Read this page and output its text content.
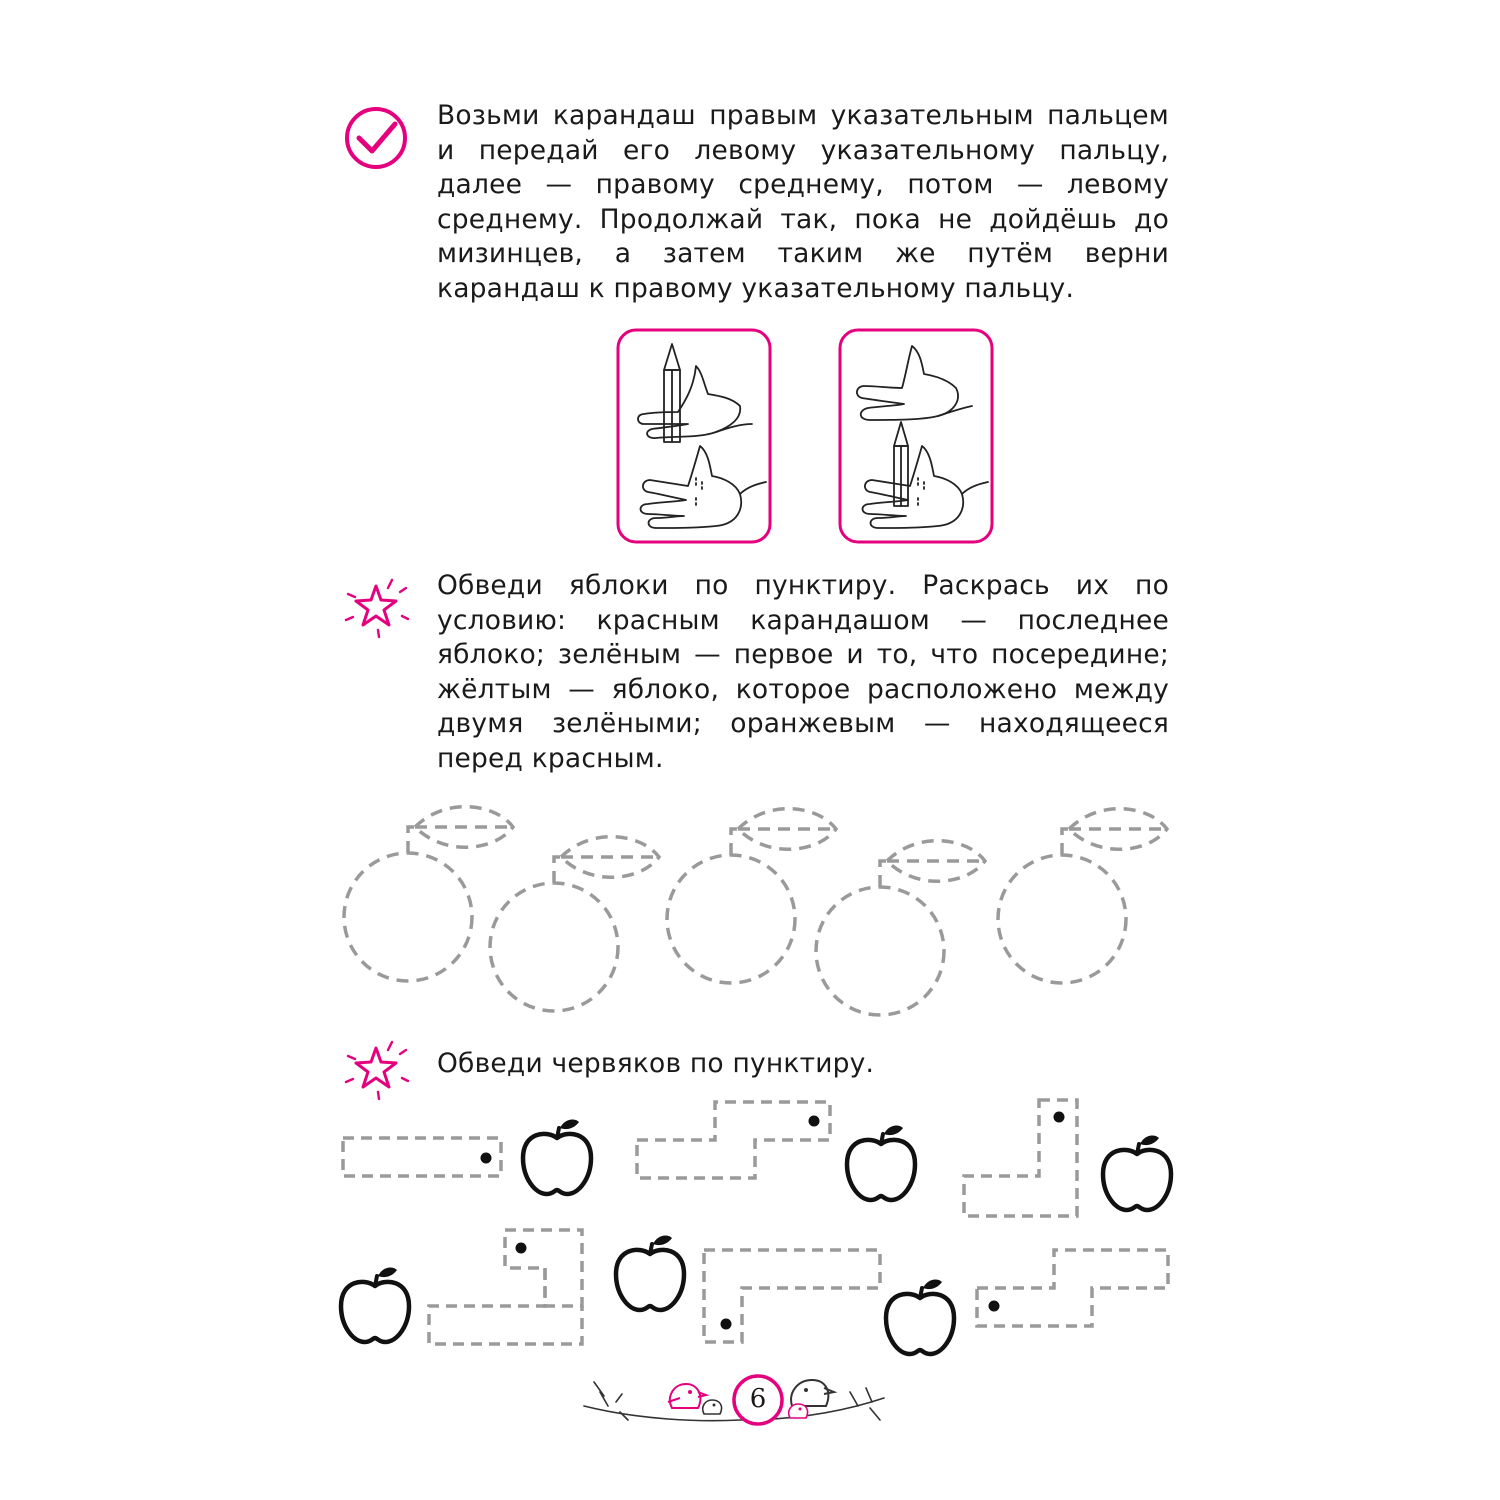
Возьми карандаш правым указательным пальцем и передай его левому указательному пальцу, далее — правому среднему, потом — левому среднему. Продолжай так, пока не дойдёшь до мизинцев, а затем таким же путём верни карандаш к правому указательному пальцу.

Обведи яблоки по пунктиру. Раскрась их по условию: красным карандашом — последнее яблоко; зелёным — первое и то, что посередине; жёлтым — яблоко, которое расположено между двумя зелёными; оранжевым — находящееся перед красным.

Обведи червяков по пунктиру.

6
